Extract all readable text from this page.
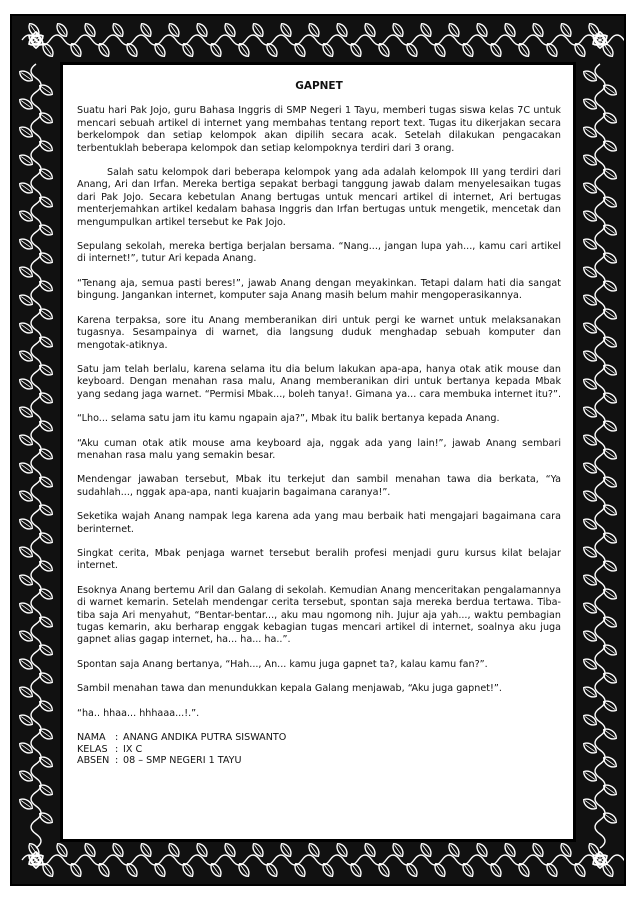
GAPNET

Suatu hari Pak Jojo, guru Bahasa Inggris di SMP Negeri 1 Tayu, memberi tugas siswa kelas 7C untuk mencari sebuah artikel di internet yang membahas tentang report text. Tugas itu dikerjakan secara berkelompok dan setiap kelompok akan dipilih secara acak. Setelah dilakukan pengacakan terbentuklah beberapa kelompok dan setiap kelompoknya terdiri dari 3 orang.

Salah satu kelompok dari beberapa kelompok yang ada adalah kelompok III yang terdiri dari Anang, Ari dan Irfan. Mereka bertiga sepakat berbagi tanggung jawab dalam menyelesaikan tugas dari Pak Jojo. Secara kebetulan Anang bertugas untuk mencari artikel di internet, Ari bertugas menterjemahkan artikel kedalam bahasa Inggris dan Irfan bertugas untuk mengetik, mencetak dan mengumpulkan artikel tersebut ke Pak Jojo.

Sepulang sekolah, mereka bertiga berjalan bersama. “Nang..., jangan lupa yah..., kamu cari artikel di internet!”, tutur Ari kepada Anang.

“Tenang aja, semua pasti beres!”, jawab Anang dengan meyakinkan. Tetapi dalam hati dia sangat bingung. Jangankan internet, komputer saja Anang masih belum mahir mengoperasikannya.

Karena terpaksa, sore itu Anang memberanikan diri untuk pergi ke warnet untuk melaksanakan tugasnya. Sesampainya di warnet, dia langsung duduk menghadap sebuah komputer dan mengotak-atiknya.

Satu jam telah berlalu, karena selama itu dia belum lakukan apa-apa, hanya otak atik mouse dan keyboard. Dengan menahan rasa malu, Anang memberanikan diri untuk bertanya kepada Mbak yang sedang jaga warnet. “Permisi Mbak..., boleh tanya!. Gimana ya... cara membuka internet itu?”.

“Lho... selama satu jam itu kamu ngapain aja?”, Mbak itu balik bertanya kepada Anang.

“Aku cuman otak atik mouse ama keyboard aja, nggak ada yang lain!”, jawab Anang sembari menahan rasa malu yang semakin besar.

Mendengar jawaban tersebut, Mbak itu terkejut dan sambil menahan tawa dia berkata, “Ya sudahlah..., nggak apa-apa, nanti kuajarin bagaimana caranya!”.

Seketika wajah Anang nampak lega karena ada yang mau berbaik hati mengajari bagaimana cara berinternet.

Singkat cerita, Mbak penjaga warnet tersebut beralih profesi menjadi guru kursus kilat belajar internet.

Esoknya Anang bertemu Aril dan Galang di sekolah. Kemudian Anang menceritakan pengalamannya di warnet kemarin. Setelah mendengar cerita tersebut, spontan saja mereka berdua tertawa. Tiba-tiba saja Ari menyahut, “Bentar-bentar..., aku mau ngomong nih. Jujur aja yah..., waktu pembagian tugas kemarin, aku berharap enggak kebagian tugas mencari artikel di internet, soalnya aku juga gapnet alias gagap internet, ha... ha... ha..”.

Spontan saja Anang bertanya, “Hah..., An... kamu juga gapnet ta?, kalau kamu fan?”.

Sambil menahan tawa dan menundukkan kepala Galang menjawab, “Aku juga gapnet!”.

“ha.. hhaa... hhhaaa...!.”.

NAMA	:	ANANG ANDIKA PUTRA SISWANTO
KELAS	:	IX C
ABSEN	:	08 – SMP NEGERI 1 TAYU
